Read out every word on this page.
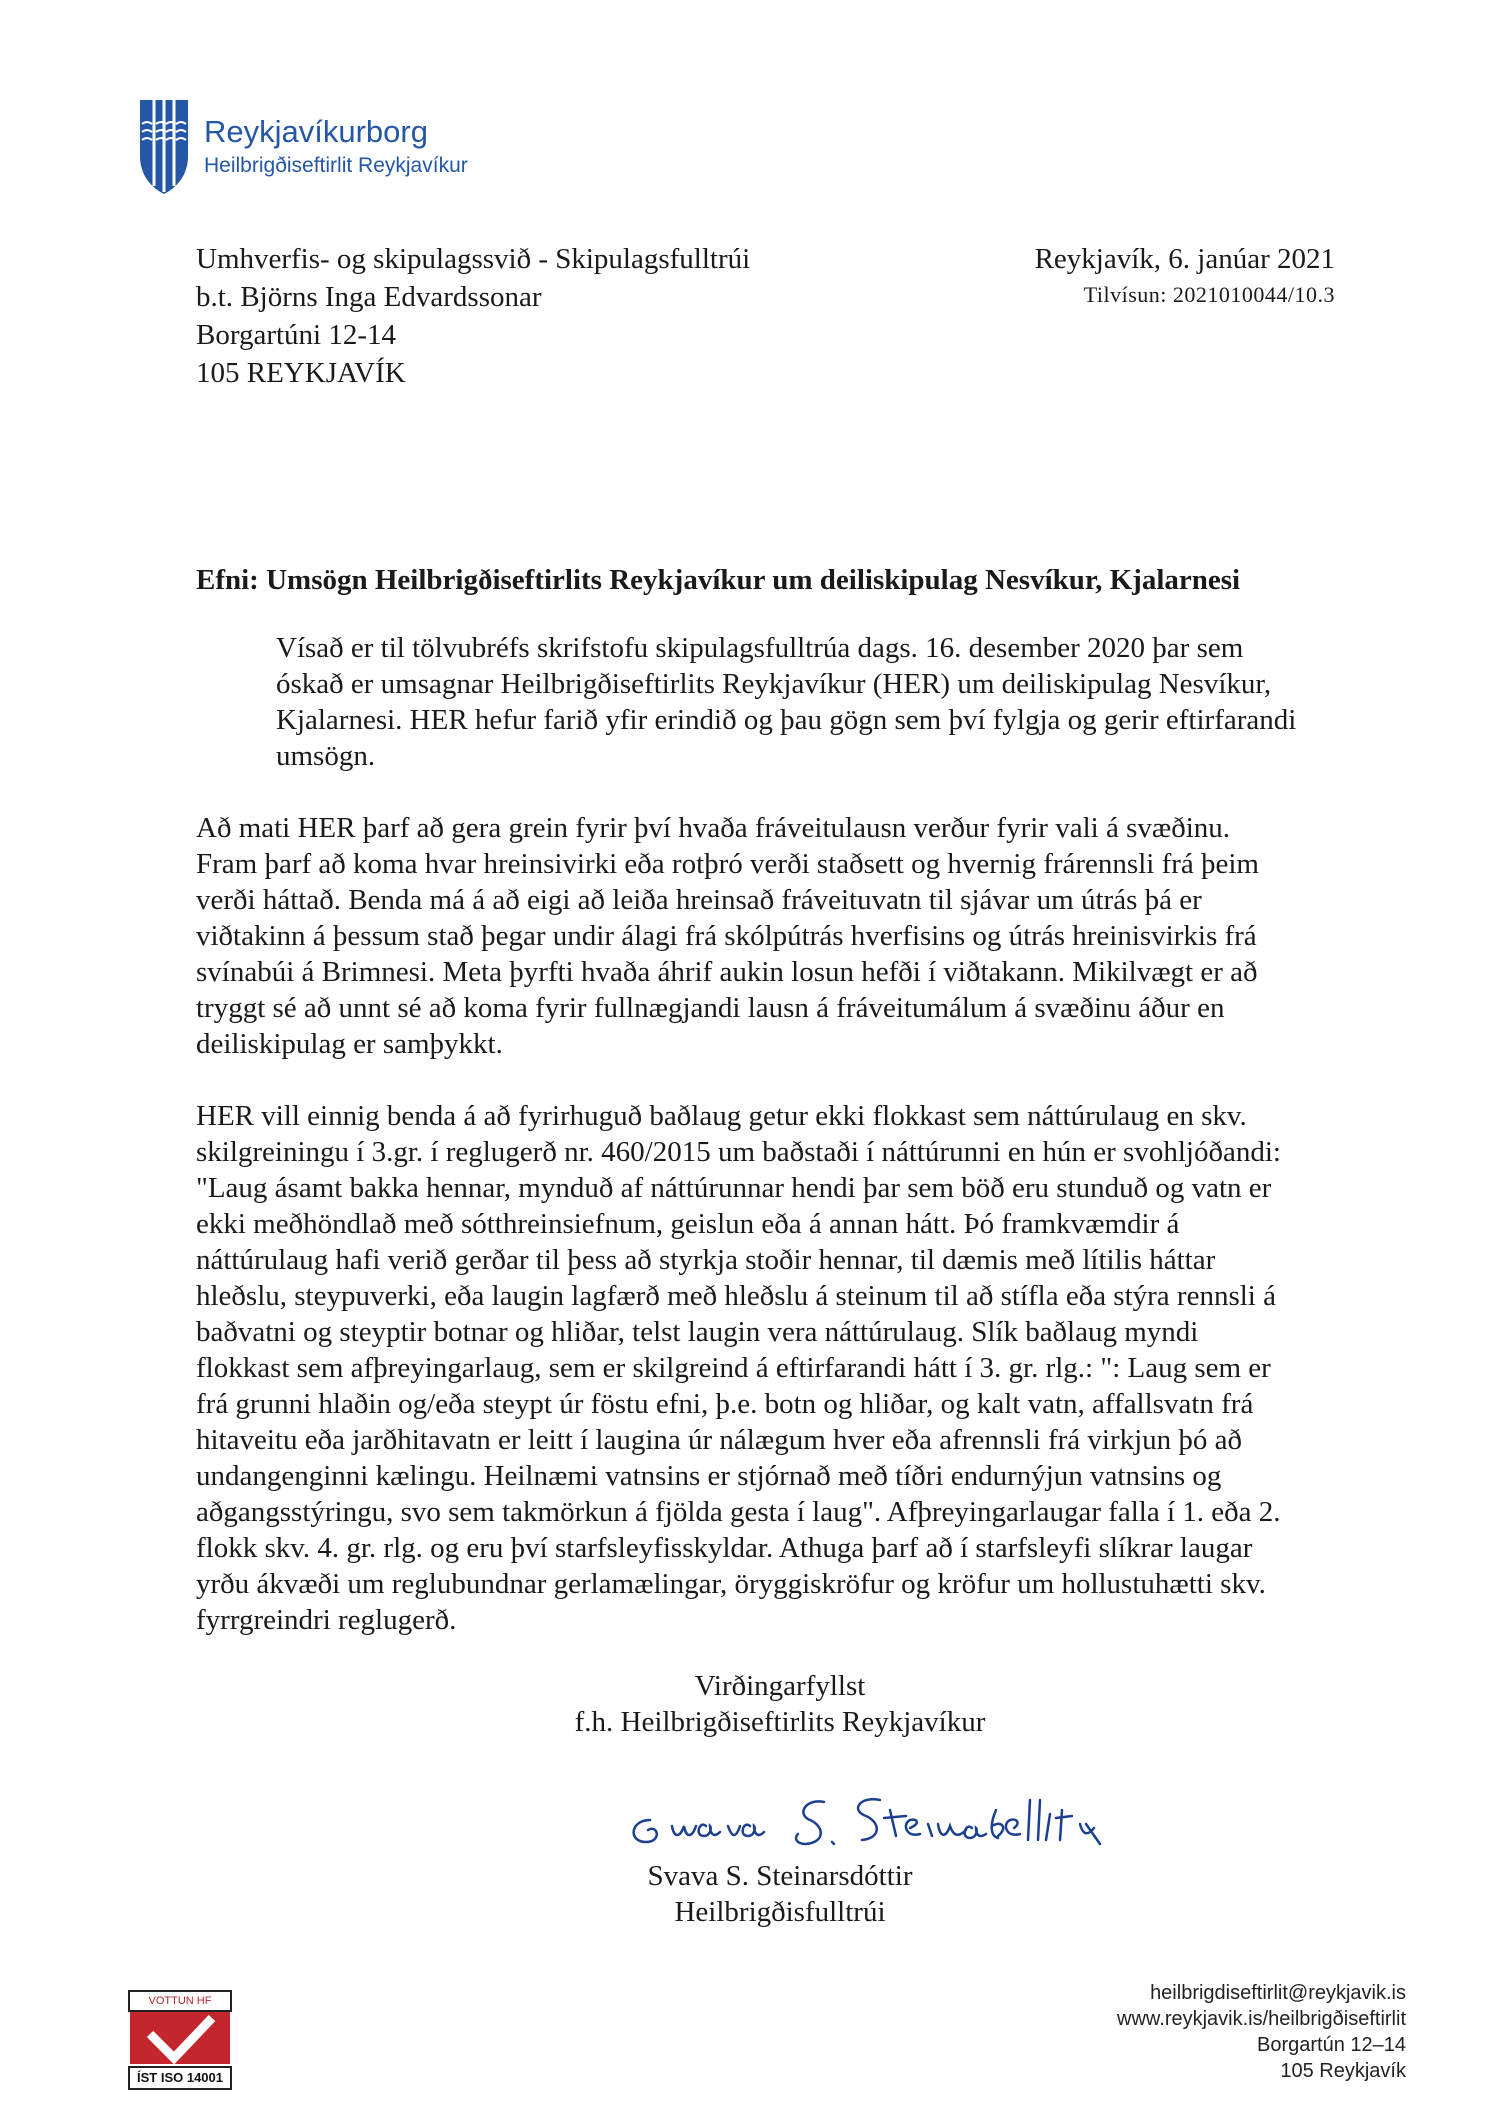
Reykjavíkurborg
Heilbrigðiseftirlit Reykjavíkur
Umhverfis- og skipulagssvið - Skipulagsfulltrúi
b.t. Björns Inga Edvardssonar
Borgartúni 12-14
105 REYKJAVÍK
Reykjavík, 6. janúar 2021
Tilvísun: 2021010044/10.3
Efni: Umsögn Heilbrigðiseftirlits Reykjavíkur um deiliskipulag Nesvíkur, Kjalarnesi
Vísað er til tölvubréfs skrifstofu skipulagsfulltrúa dags. 16. desember 2020 þar sem
óskað er umsagnar Heilbrigðiseftirlits Reykjavíkur (HER) um deiliskipulag Nesvíkur,
Kjalarnesi. HER hefur farið yfir erindið og þau gögn sem því fylgja og gerir eftirfarandi
umsögn.
Að mati HER þarf að gera grein fyrir því hvaða fráveitulausn verður fyrir vali á svæðinu.
Fram þarf að koma hvar hreinsivirki eða rotþró verði staðsett og hvernig frárennsli frá þeim
verði háttað. Benda má á að eigi að leiða hreinsað fráveituvatn til sjávar um útrás þá er
viðtakinn á þessum stað þegar undir álagi frá skólpútrás hverfisins og útrás hreinisvirkis frá
svínabúi á Brimnesi. Meta þyrfti hvaða áhrif aukin losun hefði í viðtakann. Mikilvægt er að
tryggt sé að unnt sé að koma fyrir fullnægjandi lausn á fráveitumálum á svæðinu áður en
deiliskipulag er samþykkt.
HER vill einnig benda á að fyrirhuguð baðlaug getur ekki flokkast sem náttúrulaug en skv.
skilgreiningu í 3.gr. í reglugerð nr. 460/2015 um baðstaði í náttúrunni en hún er svohljóðandi:
"Laug ásamt bakka hennar, mynduð af náttúrunnar hendi þar sem böð eru stunduð og vatn er
ekki meðhöndlað með sótthreinsiefnum, geislun eða á annan hátt. Þó framkvæmdir á
náttúrulaug hafi verið gerðar til þess að styrkja stoðir hennar, til dæmis með lítilis háttar
hleðslu, steypuverki, eða laugin lagfærð með hleðslu á steinum til að stífla eða stýra rennsli á
baðvatni og steyptir botnar og hliðar, telst laugin vera náttúrulaug. Slík baðlaug myndi
flokkast sem afþreyingarlaug, sem er skilgreind á eftirfarandi hátt í 3. gr. rlg.: ": Laug sem er
frá grunni hlaðin og/eða steypt úr föstu efni, þ.e. botn og hliðar, og kalt vatn, affallsvatn frá
hitaveitu eða jarðhitavatn er leitt í laugina úr nálægum hver eða afrennsli frá virkjun þó að
undangenginni kælingu. Heilnæmi vatnsins er stjórnað með tíðri endurnýjun vatnsins og
aðgangsstýringu, svo sem takmörkun á fjölda gesta í laug". Afþreyingarlaugar falla í 1. eða 2.
flokk skv. 4. gr. rlg. og eru því starfsleyfisskyldar. Athuga þarf að í starfsleyfi slíkrar laugar
yrðu ákvæði um reglubundnar gerlamælingar, öryggiskröfur og kröfur um hollustuhætti skv.
fyrrgreindri reglugerð.
Virðingarfyllst
f.h. Heilbrigðiseftirlits Reykjavíkur
Svava S. Steinarsdóttir
Heilbrigðisfulltrúi
VOTTUN HF
ÍST ISO 14001
heilbrigdiseftirlit@reykjavik.is
www.reykjavik.is/heilbrigðiseftirlit
Borgartún 12–14
105 Reykjavík
